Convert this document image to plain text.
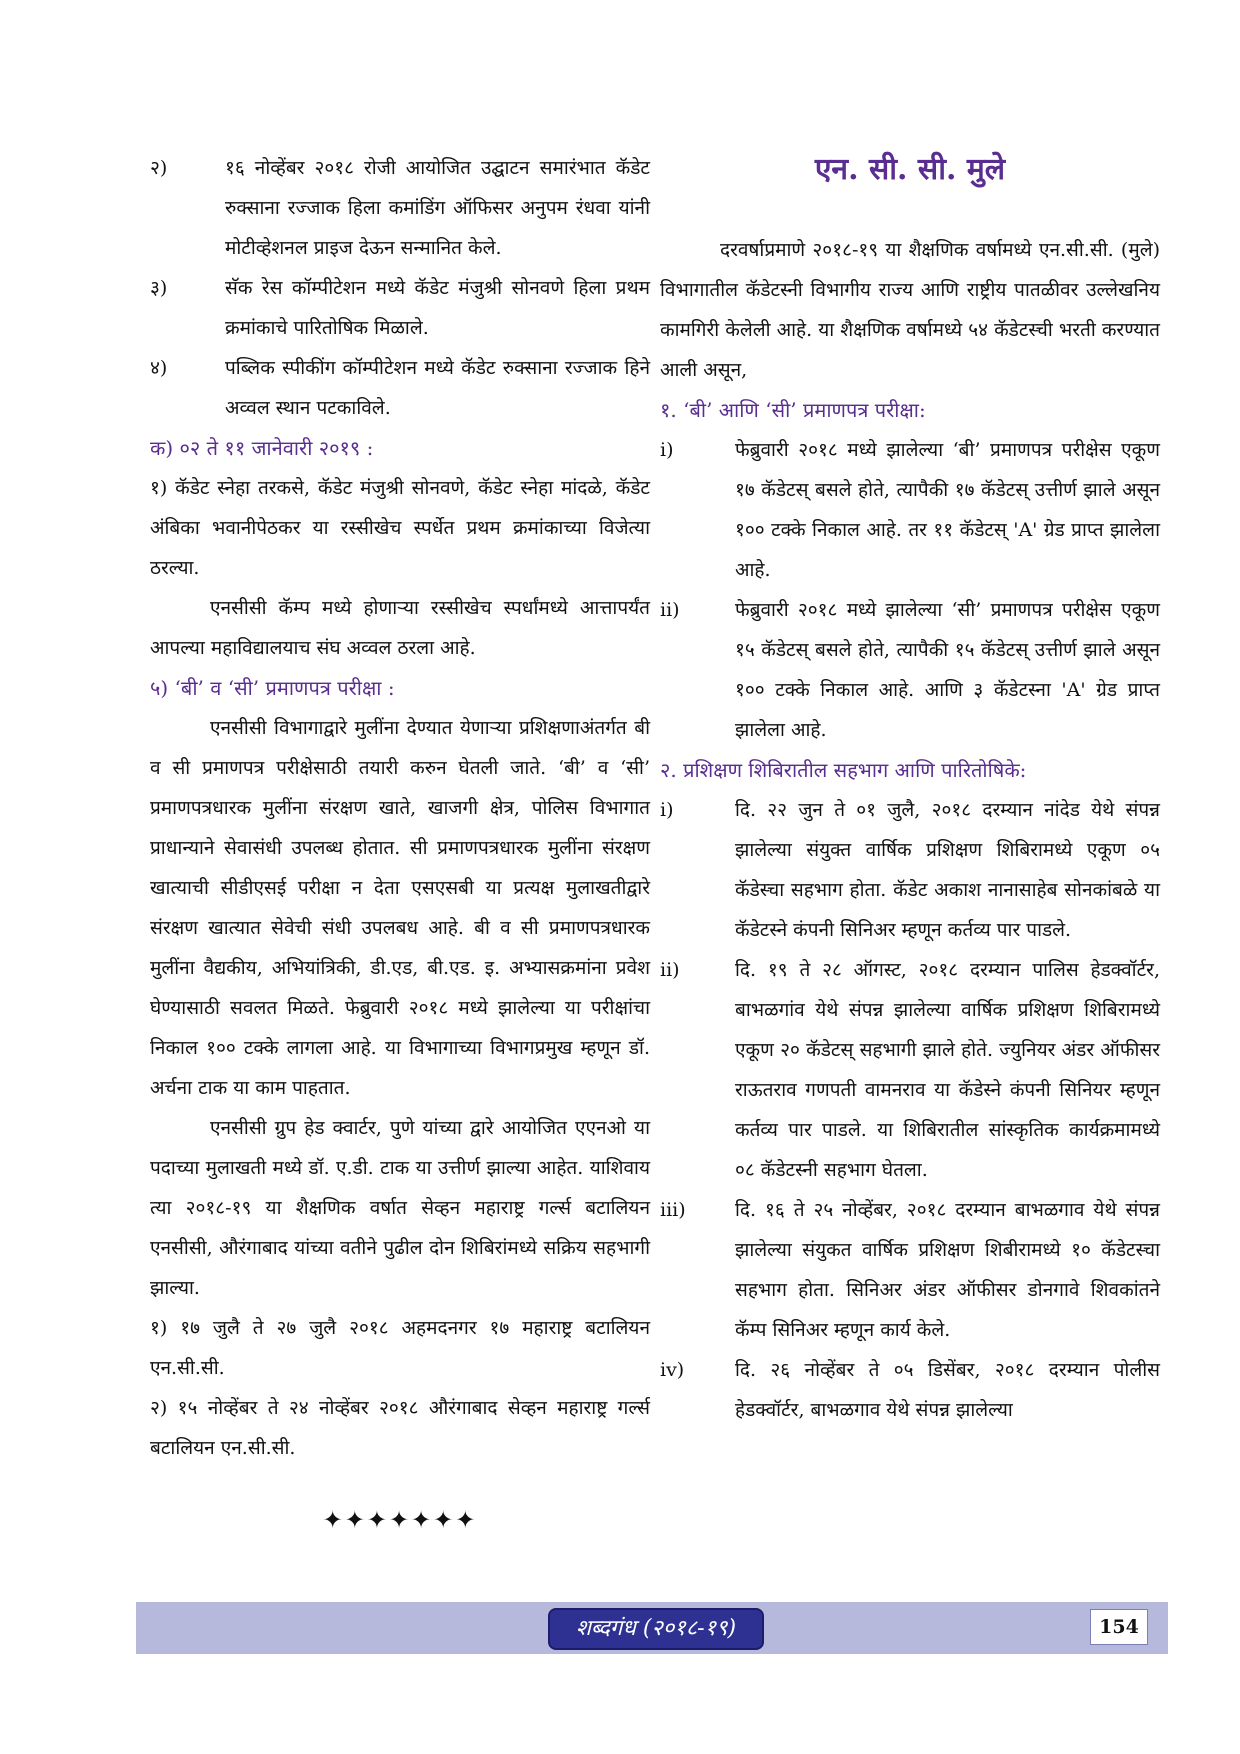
२)	१६ नोव्हेंबर २०१८ रोजी आयोजित उद्घाटन समारंभात कॅडेट रुक्साना रज्जाक हिला कमांडिंग ऑफिसर अनुपम रंधवा यांनी मोटीव्हेशनल प्राइज देऊन सन्मानित केले.
३)	सॅक रेस कॉम्पीटेशन मध्ये कॅडेट मंजुश्री सोनवणे हिला प्रथम क्रमांकाचे पारितोषिक मिळाले.
४)	पब्लिक स्पीकींग कॉम्पीटेशन मध्ये कॅडेट रुक्साना रज्जाक हिने अव्वल स्थान पटकाविले.

क) ०२ ते ११ जानेवारी २०१९ :

१) कॅडेट स्नेहा तरकसे, कॅडेट मंजुश्री सोनवणे, कॅडेट स्नेहा मांदळे, कॅडेट अंबिका भवानीपेठकर या रस्सीखेच स्पर्धेत प्रथम क्रमांकाच्या विजेत्या ठरल्या.

एनसीसी कॅम्प मध्ये होणाऱ्या रस्सीखेच स्पर्धांमध्ये आत्तापर्यंत आपल्या महाविद्यालयाच संघ अव्वल ठरला आहे.

५) ‘बी’ व ‘सी’ प्रमाणपत्र परीक्षा :

एनसीसी विभागाद्वारे मुलींना देण्यात येणाऱ्या प्रशिक्षणाअंतर्गत बी व सी प्रमाणपत्र परीक्षेसाठी तयारी करुन घेतली जाते. ‘बी’ व ‘सी’ प्रमाणपत्रधारक मुलींना संरक्षण खाते, खाजगी क्षेत्र, पोलिस विभागात प्राधान्याने सेवासंधी उपलब्ध होतात. सी प्रमाणपत्रधारक मुलींना संरक्षण खात्याची सीडीएसई परीक्षा न देता एसएसबी या प्रत्यक्ष मुलाखतीद्वारे संरक्षण खात्यात सेवेची संधी उपलबध आहे. बी व सी प्रमाणपत्रधारक मुलींना वैद्यकीय, अभियांत्रिकी, डी.एड, बी.एड. इ. अभ्यासक्रमांना प्रवेश घेण्यासाठी सवलत मिळते. फेब्रुवारी २०१८ मध्ये झालेल्या या परीक्षांचा निकाल १०० टक्के लागला आहे. या विभागाच्या विभागप्रमुख म्हणून डॉ. अर्चना टाक या काम पाहतात.

एनसीसी ग्रुप हेड क्वार्टर, पुणे यांच्या द्वारे आयोजित एएनओ या पदाच्या मुलाखती मध्ये डॉ. ए.डी. टाक या उत्तीर्ण झाल्या आहेत. याशिवाय त्या २०१८-१९ या शैक्षणिक वर्षात सेव्हन महाराष्ट्र गर्ल्स बटालियन एनसीसी, औरंगाबाद यांच्या वतीने पुढील दोन शिबिरांमध्ये सक्रिय सहभागी झाल्या.

१) १७ जुलै ते २७ जुलै २०१८ अहमदनगर १७ महाराष्ट्र बटालियन एन.सी.सी.

२) १५ नोव्हेंबर ते २४ नोव्हेंबर २०१८ औरंगाबाद सेव्हन महाराष्ट्र गर्ल्स बटालियन एन.सी.सी.

✦✦✦✦✦✦✦
एन. सी. सी. मुले

दरवर्षाप्रमाणे २०१८-१९ या शैक्षणिक वर्षामध्ये एन.सी.सी. (मुले) विभागातील कॅडेटस्नी विभागीय राज्य आणि राष्ट्रीय पातळीवर उल्लेखनिय कामगिरी केलेली आहे. या शैक्षणिक वर्षामध्ये ५४ कॅडेटस्ची भरती करण्यात आली असून,

१. ‘बी’ आणि ‘सी’ प्रमाणपत्र परीक्षा:

i)	फेब्रुवारी २०१८ मध्ये झालेल्या ‘बी’ प्रमाणपत्र परीक्षेस एकूण १७ कॅडेटस् बसले होते, त्यापैकी १७ कॅडेटस् उत्तीर्ण झाले असून १०० टक्के निकाल आहे. तर ११ कॅडेटस् 'A' ग्रेड प्राप्त झालेला आहे.
ii)	फेब्रुवारी २०१८ मध्ये झालेल्या ‘सी’ प्रमाणपत्र परीक्षेस एकूण १५ कॅडेटस् बसले होते, त्यापैकी १५ कॅडेटस् उत्तीर्ण झाले असून १०० टक्के निकाल आहे. आणि ३ कॅडेटस्ना 'A' ग्रेड प्राप्त झालेला आहे.

२. प्रशिक्षण शिबिरातील सहभाग आणि पारितोषिके:

i)	दि. २२ जुन ते ०१ जुलै, २०१८ दरम्यान नांदेड येथे संपन्न झालेल्या संयुक्त वार्षिक प्रशिक्षण शिबिरामध्ये एकूण ०५ कॅडेस्चा सहभाग होता. कॅडेट अकाश नानासाहेब सोनकांबळे या कॅडेटस्ने कंपनी सिनिअर म्हणून कर्तव्य पार पाडले.
ii)	दि. १९ ते २८ ऑगस्ट, २०१८ दरम्यान पालिस हेडक्वॉर्टर, बाभळगांव येथे संपन्न झालेल्या वार्षिक प्रशिक्षण शिबिरामध्ये एकूण २० कॅडेटस् सहभागी झाले होते. ज्युनियर अंडर ऑफीसर राऊतराव गणपती वामनराव या कॅडेस्ने कंपनी सिनियर म्हणून कर्तव्य पार पाडले. या शिबिरातील सांस्कृतिक कार्यक्रमामध्ये ०८ कॅडेटस्नी सहभाग घेतला.
iii)	दि. १६ ते २५ नोव्हेंबर, २०१८ दरम्यान बाभळगाव येथे संपन्न झालेल्या संयुकत वार्षिक प्रशिक्षण शिबीरामध्ये १० कॅडेटस्चा सहभाग होता. सिनिअर अंडर ऑफीसर डोनगावे शिवकांतने कॅम्प सिनिअर म्हणून कार्य केले.
iv)	दि. २६ नोव्हेंबर ते ०५ डिसेंबर, २०१८ दरम्यान पोलीस हेडक्वॉर्टर, बाभळगाव येथे संपन्न झालेल्या
शब्दगंध (२०१८-१९)	154
